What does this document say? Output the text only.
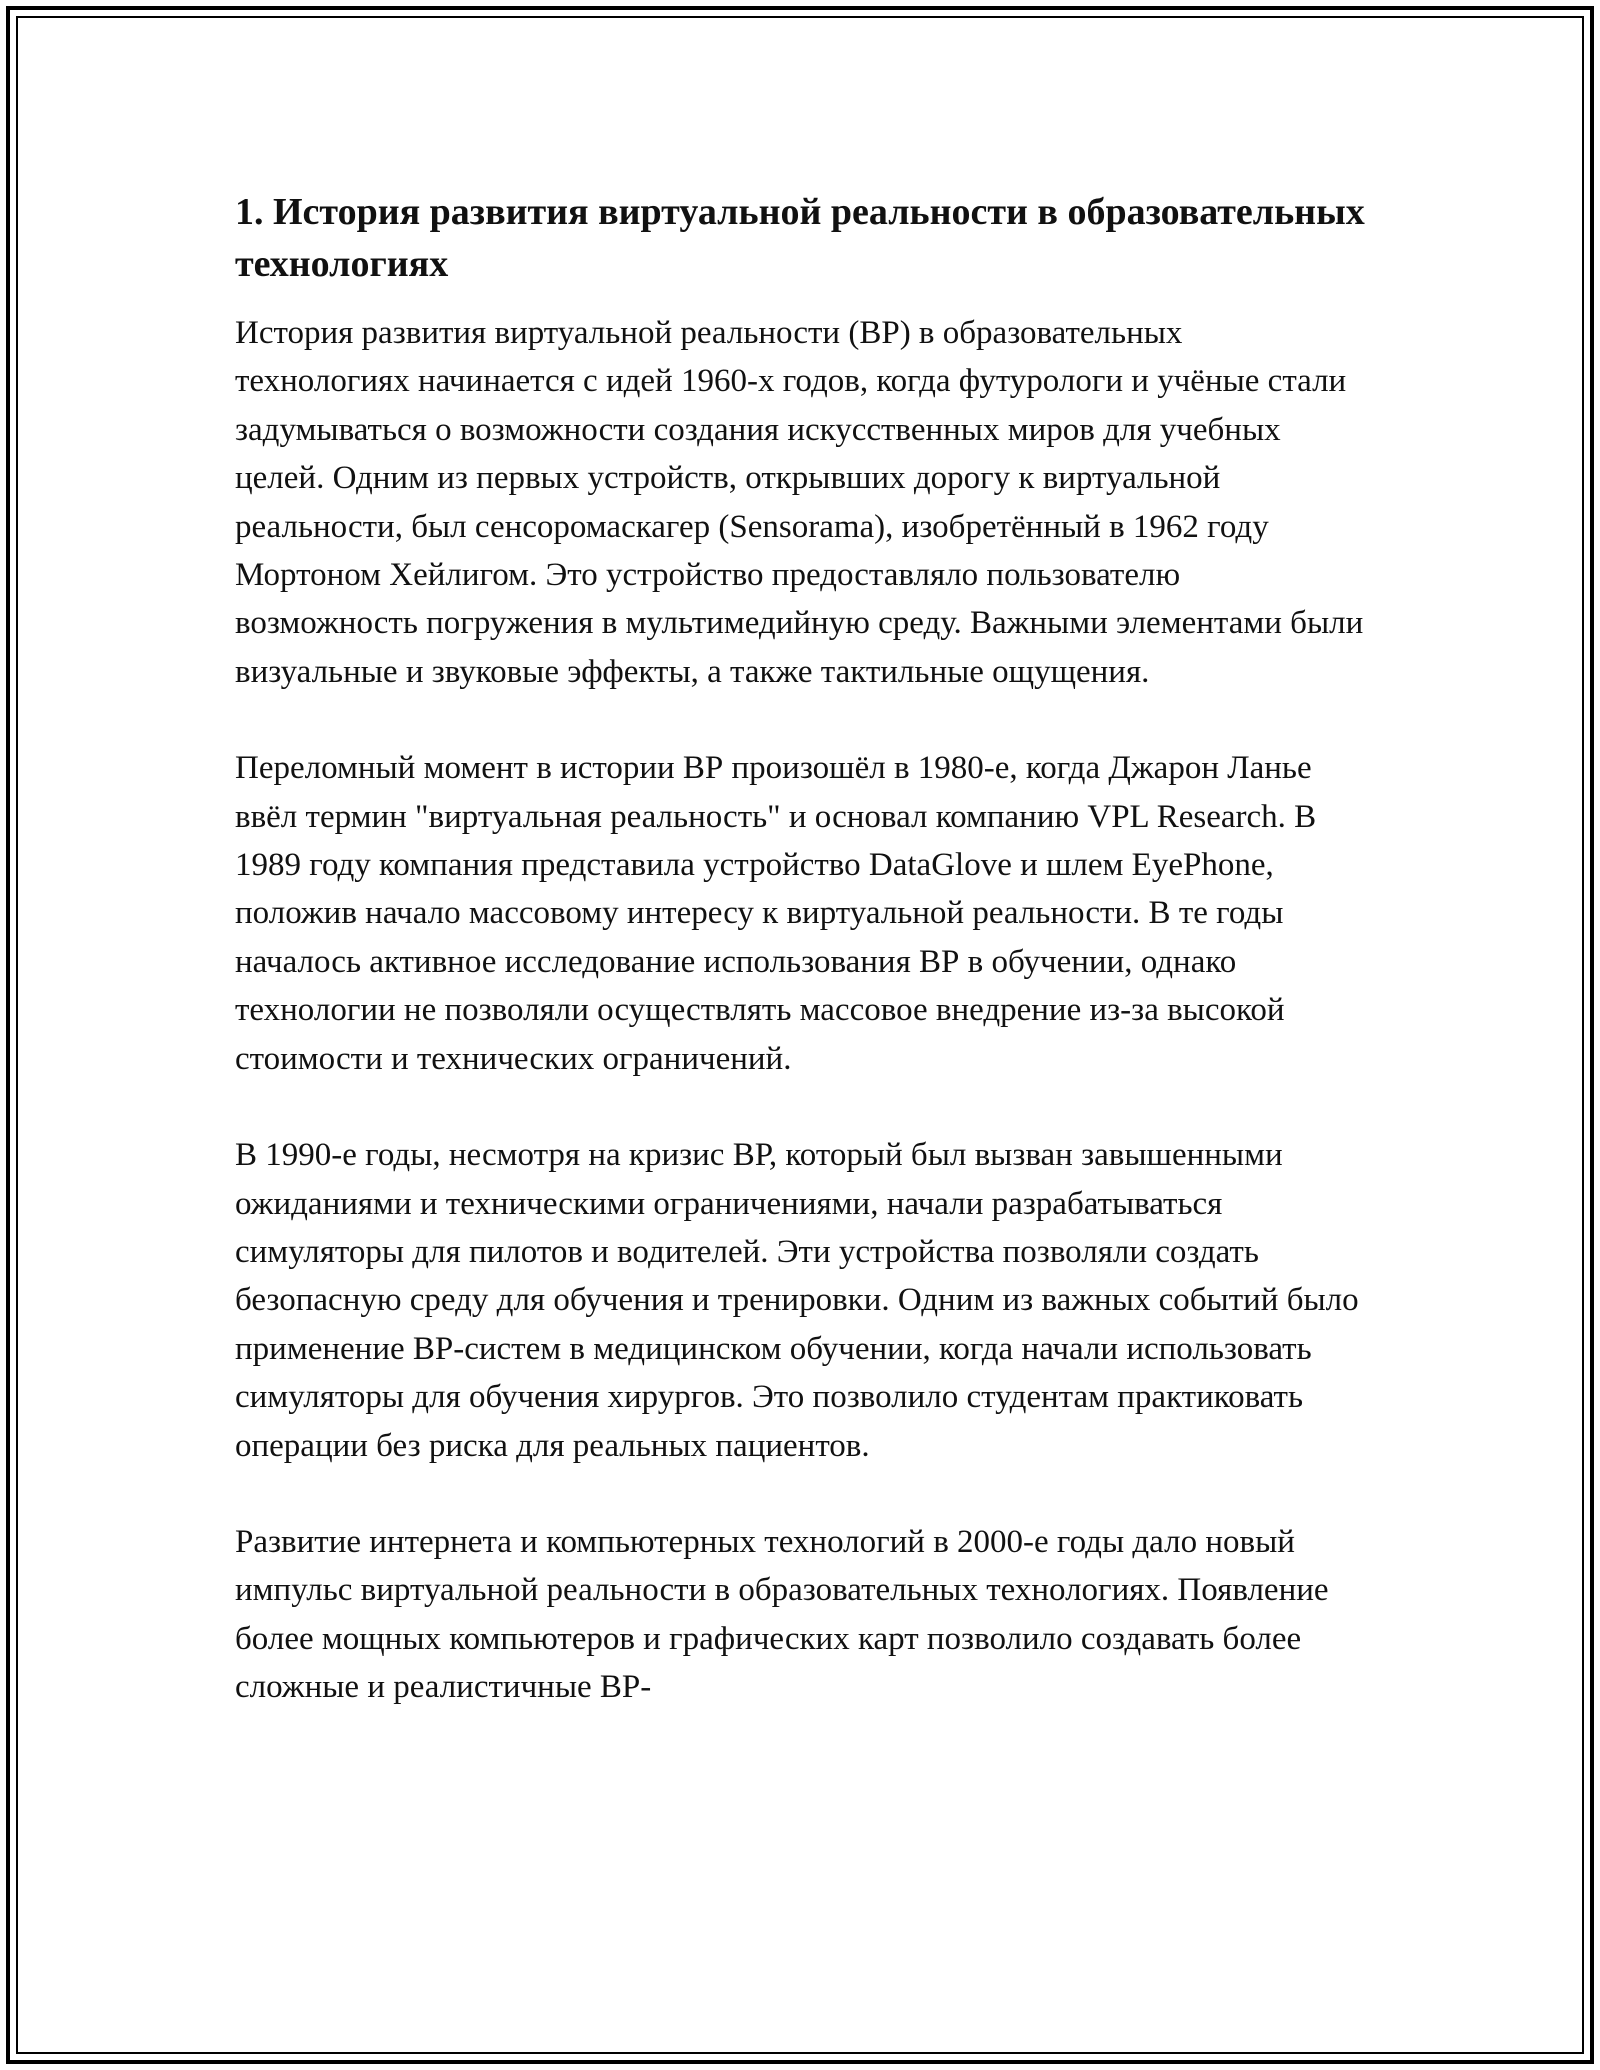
1. История развития виртуальной реальности в образовательных технологиях

История развития виртуальной реальности (ВР) в образовательных технологиях начинается с идей 1960-х годов, когда футурологи и учёные стали задумываться о возможности создания искусственных миров для учебных целей. Одним из первых устройств, открывших дорогу к виртуальной реальности, был сенсоромаскагер (Sensorama), изобретённый в 1962 году Мортоном Хейлигом. Это устройство предоставляло пользователю возможность погружения в мультимедийную среду. Важными элементами были визуальные и звуковые эффекты, а также тактильные ощущения.

Переломный момент в истории ВР произошёл в 1980-е, когда Джарон Ланье ввёл термин "виртуальная реальность" и основал компанию VPL Research. В 1989 году компания представила устройство DataGlove и шлем EyePhone, положив начало массовому интересу к виртуальной реальности. В те годы началось активное исследование использования ВР в обучении, однако технологии не позволяли осуществлять массовое внедрение из-за высокой стоимости и технических ограничений.

В 1990-е годы, несмотря на кризис ВР, который был вызван завышенными ожиданиями и техническими ограничениями, начали разрабатываться симуляторы для пилотов и водителей. Эти устройства позволяли создать безопасную среду для обучения и тренировки. Одним из важных событий было применение ВР-систем в медицинском обучении, когда начали использовать симуляторы для обучения хирургов. Это позволило студентам практиковать операции без риска для реальных пациентов.

Развитие интернета и компьютерных технологий в 2000-е годы дало новый импульс виртуальной реальности в образовательных технологиях. Появление более мощных компьютеров и графических карт позволило создавать более сложные и реалистичные ВР-
